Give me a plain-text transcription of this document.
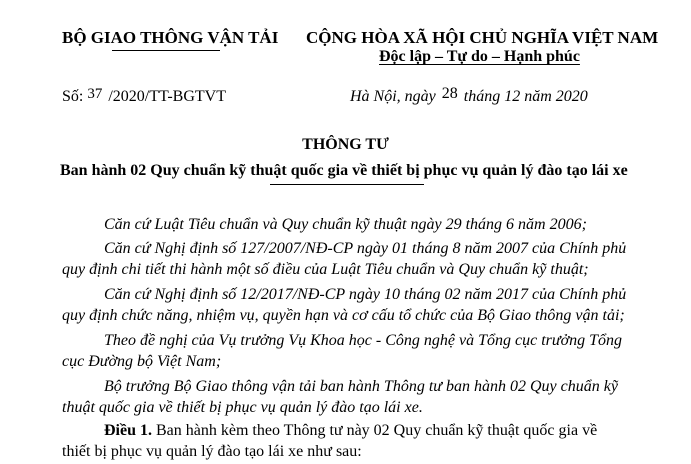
BỘ GIAO THÔNG VẬN TẢI CỘNG HÒA XÃ HỘI CHỦ NGHĨA VIỆT NAM
Độc lập – Tự do – Hạnh phúc
Số: 37 /2020/TT-BGTVT	Hà Nội, ngày 28 tháng 12 năm 2020
THÔNG TƯ
Ban hành 02 Quy chuẩn kỹ thuật quốc gia về thiết bị phục vụ quản lý đào tạo lái xe
Căn cứ Luật Tiêu chuẩn và Quy chuẩn kỹ thuật ngày 29 tháng 6 năm 2006;
Căn cứ Nghị định số 127/2007/NĐ-CP ngày 01 tháng 8 năm 2007 của Chính phủ
quy định chi tiết thi hành một số điều của Luật Tiêu chuẩn và Quy chuẩn kỹ thuật;
Căn cứ Nghị định số 12/2017/NĐ-CP ngày 10 tháng 02 năm 2017 của Chính phủ
quy định chức năng, nhiệm vụ, quyền hạn và cơ cấu tổ chức của Bộ Giao thông vận tải;
Theo đề nghị của Vụ trưởng Vụ Khoa học - Công nghệ và Tổng cục trưởng Tổng
cục Đường bộ Việt Nam;
Bộ trưởng Bộ Giao thông vận tải ban hành Thông tư ban hành 02 Quy chuẩn kỹ
thuật quốc gia về thiết bị phục vụ quản lý đào tạo lái xe.
Điều 1. Ban hành kèm theo Thông tư này 02 Quy chuẩn kỹ thuật quốc gia về
thiết bị phục vụ quản lý đào tạo lái xe như sau:
